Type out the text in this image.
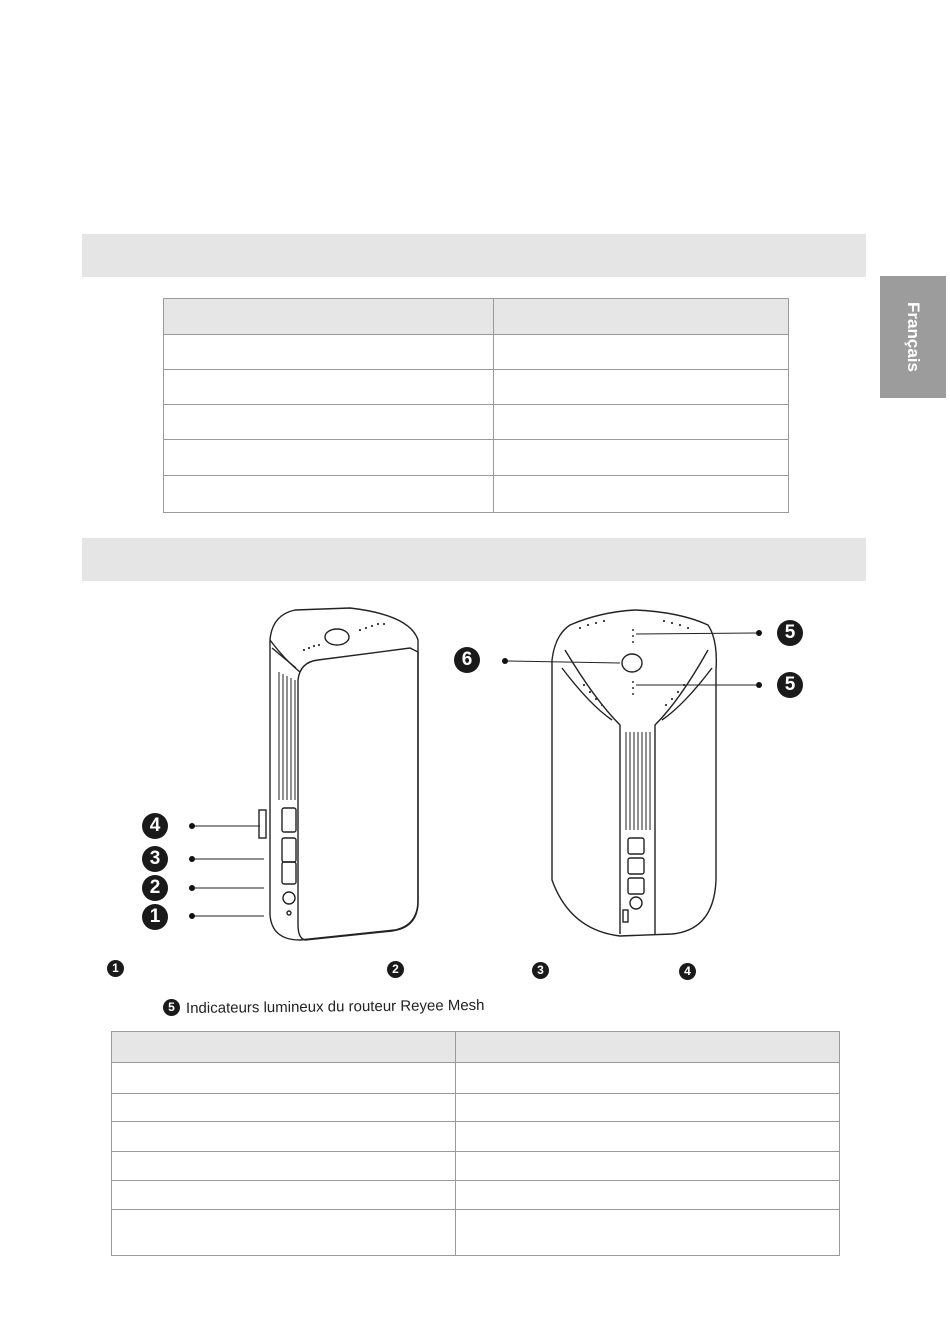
Français

4
3
2
1
6
5
5
1	2	3	4
5 Indicateurs lumineux du routeur Reyee Mesh
